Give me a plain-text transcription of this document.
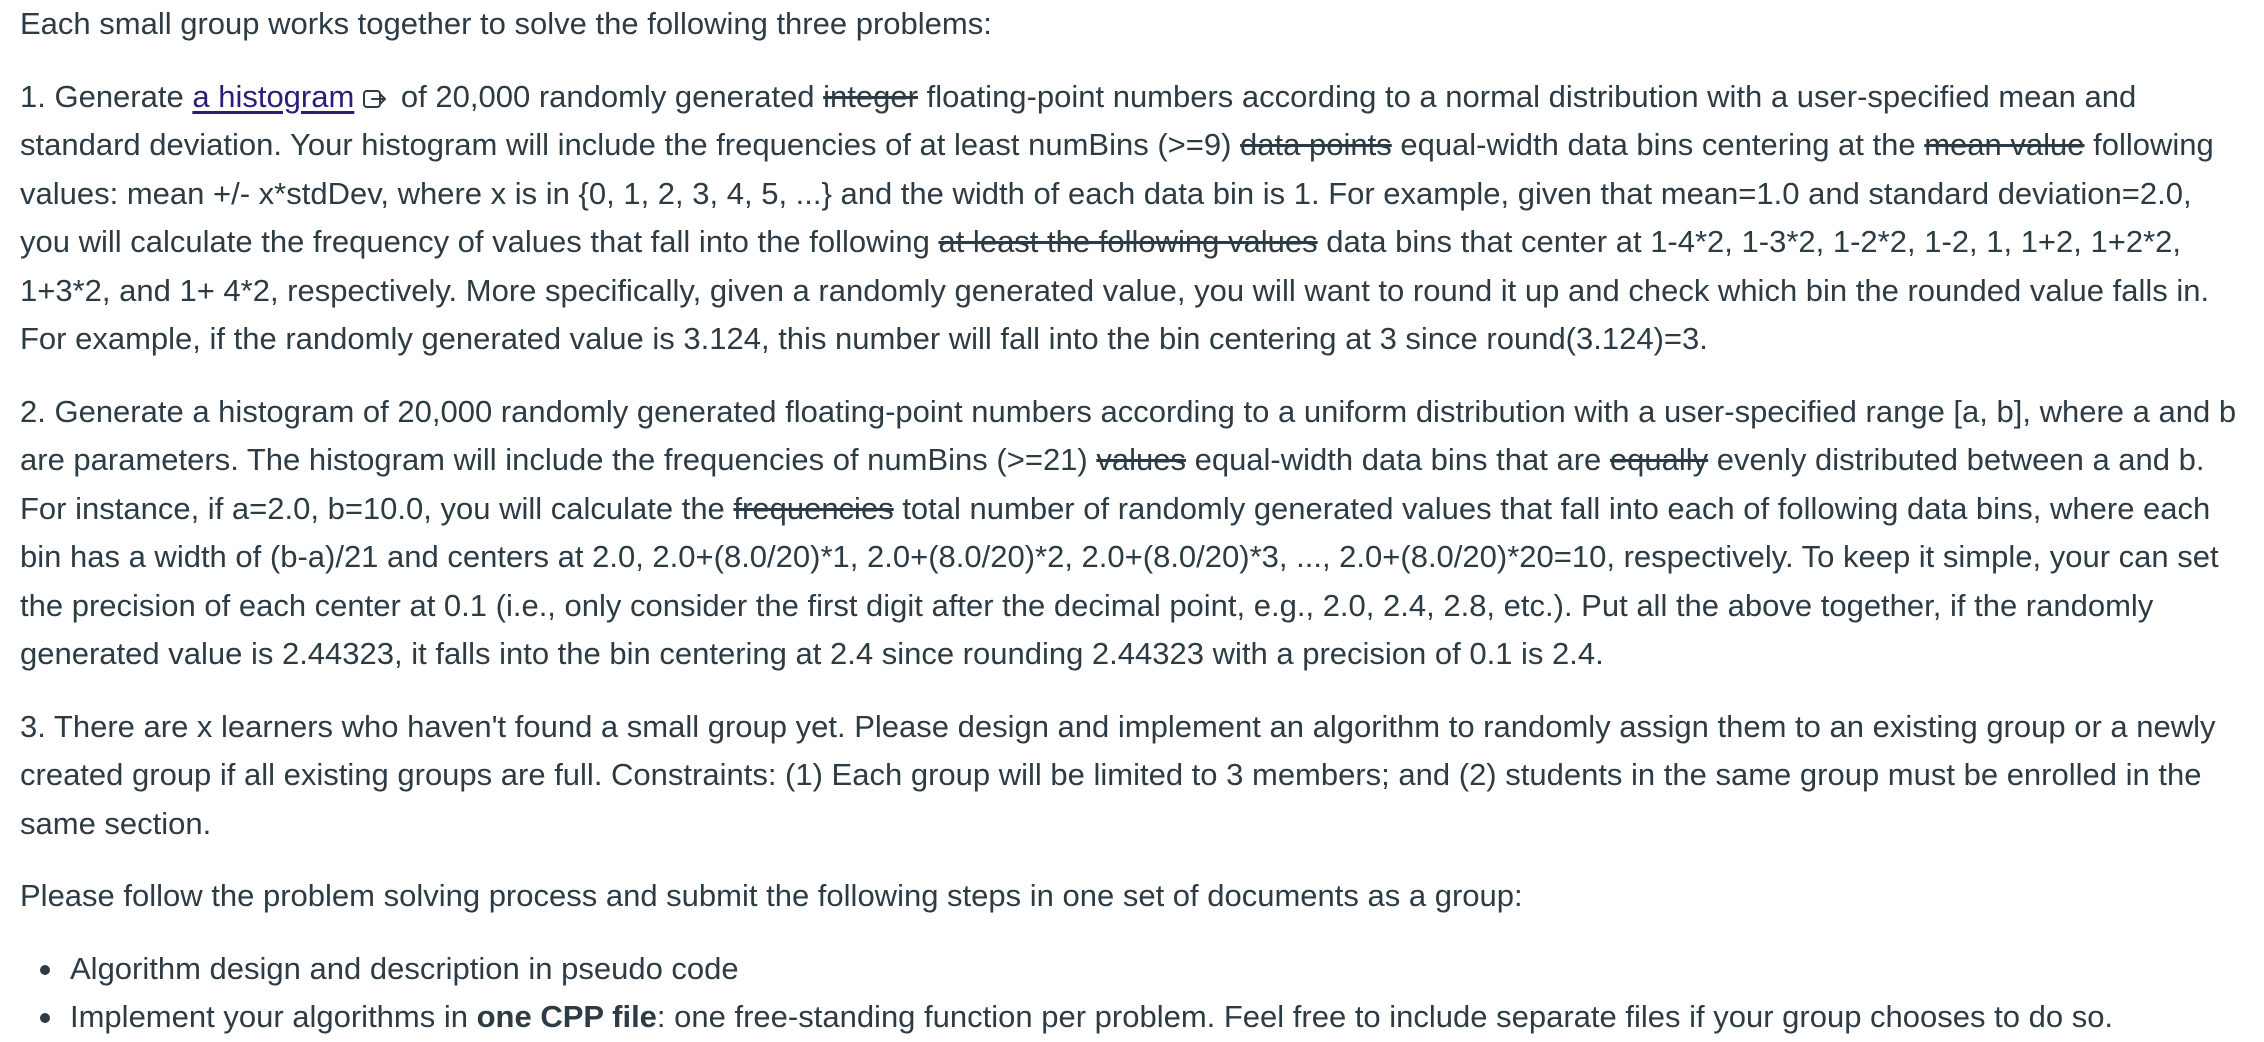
Each small group works together to solve the following three problems:

1. Generate a histogram of 20,000 randomly generated integer floating-point numbers according to a normal distribution with a user-specified mean and standard deviation. Your histogram will include the frequencies of at least numBins (>=9) data points equal-width data bins centering at the mean value following values: mean +/- x*stdDev, where x is in {0, 1, 2, 3, 4, 5, ...} and the width of each data bin is 1. For example, given that mean=1.0 and standard deviation=2.0, you will calculate the frequency of values that fall into the following at least the following values data bins that center at 1-4*2, 1-3*2, 1-2*2, 1-2, 1, 1+2, 1+2*2, 1+3*2, and 1+ 4*2, respectively. More specifically, given a randomly generated value, you will want to round it up and check which bin the rounded value falls in. For example, if the randomly generated value is 3.124, this number will fall into the bin centering at 3 since round(3.124)=3.

2. Generate a histogram of 20,000 randomly generated floating-point numbers according to a uniform distribution with a user-specified range [a, b], where a and b are parameters. The histogram will include the frequencies of numBins (>=21) values equal-width data bins that are equally evenly distributed between a and b. For instance, if a=2.0, b=10.0, you will calculate the frequencies total number of randomly generated values that fall into each of following data bins, where each bin has a width of (b-a)/21 and centers at 2.0, 2.0+(8.0/20)*1, 2.0+(8.0/20)*2, 2.0+(8.0/20)*3, ..., 2.0+(8.0/20)*20=10, respectively. To keep it simple, your can set the precision of each center at 0.1 (i.e., only consider the first digit after the decimal point, e.g., 2.0, 2.4, 2.8, etc.). Put all the above together, if the randomly generated value is 2.44323, it falls into the bin centering at 2.4 since rounding 2.44323 with a precision of 0.1 is 2.4.

3. There are x learners who haven't found a small group yet. Please design and implement an algorithm to randomly assign them to an existing group or a newly created group if all existing groups are full. Constraints: (1) Each group will be limited to 3 members; and (2) students in the same group must be enrolled in the same section.

Please follow the problem solving process and submit the following steps in one set of documents as a group:

Algorithm design and description in pseudo code
Implement your algorithms in one CPP file: one free-standing function per problem. Feel free to include separate files if your group chooses to do so.
